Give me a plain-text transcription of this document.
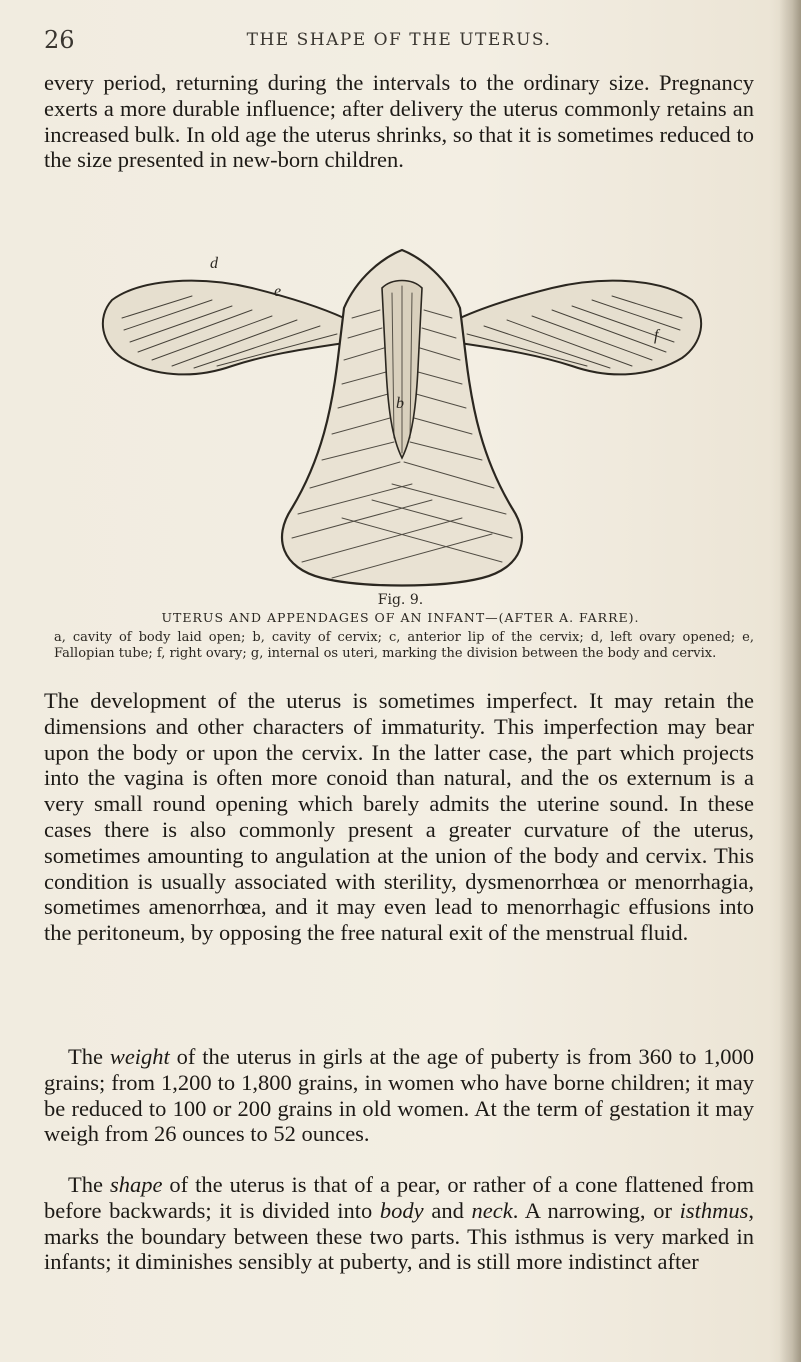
26	THE SHAPE OF THE UTERUS.

every period, returning during the intervals to the ordinary size. Pregnancy exerts a more durable influence; after delivery the uterus commonly retains an increased bulk. In old age the uterus shrinks, so that it is sometimes reduced to the size presented in new-born children.

d
e
f
b
Fig. 9.
UTERUS AND APPENDAGES OF AN INFANT—(AFTER A. FARRE).

a, cavity of body laid open; b, cavity of cervix; c, anterior lip of the cervix; d, left ovary opened; e, Fallopian tube; f, right ovary; g, internal os uteri, marking the division between the body and cervix.

The development of the uterus is sometimes imperfect. It may retain the dimensions and other characters of immaturity. This imperfection may bear upon the body or upon the cervix. In the latter case, the part which projects into the vagina is often more conoid than natural, and the os externum is a very small round opening which barely admits the uterine sound. In these cases there is also commonly present a greater curvature of the uterus, sometimes amounting to angulation at the union of the body and cervix. This condition is usually associated with sterility, dysmenorrhœa or menorrhagia, sometimes amenorrhœa, and it may even lead to menorrhagic effusions into the peritoneum, by opposing the free natural exit of the menstrual fluid.

The weight of the uterus in girls at the age of puberty is from 360 to 1,000 grains; from 1,200 to 1,800 grains, in women who have borne children; it may be reduced to 100 or 200 grains in old women. At the term of gestation it may weigh from 26 ounces to 52 ounces.

The shape of the uterus is that of a pear, or rather of a cone flattened from before backwards; it is divided into body and neck. A narrowing, or isthmus, marks the boundary between these two parts. This isthmus is very marked in infants; it diminishes sensibly at puberty, and is still more indistinct after
